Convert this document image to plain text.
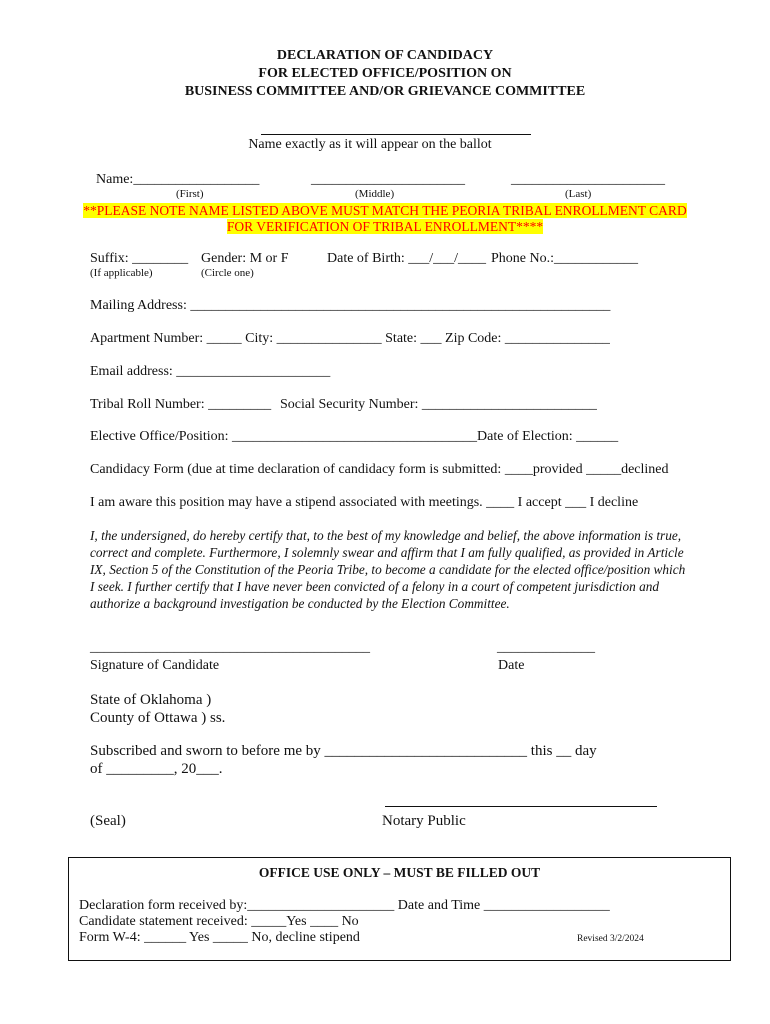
DECLARATION OF CANDIDACY
FOR ELECTED OFFICE/POSITION ON
BUSINESS COMMITTEE AND/OR GRIEVANCE COMMITTEE
Name exactly as it will appear on the ballot
Name:__________________	______________________	______________________
(First)	(Middle)	(Last)
**PLEASE NOTE NAME LISTED ABOVE MUST MATCH THE PEORIA TRIBAL ENROLLMENT CARD
FOR VERIFICATION OF TRIBAL ENROLLMENT****
Suffix: ________
(If applicable)
Gender: M or F
(Circle one)
Date of Birth: ___/___/____ Phone No.:____________
Mailing Address: ____________________________________________________________
Apartment Number: _____ City: _______________ State: ___ Zip Code: _______________
Email address: ______________________
Tribal Roll Number: _________ Social Security Number: _________________________
Elective Office/Position: ___________________________________Date of Election: ______
Candidacy Form (due at time declaration of candidacy form is submitted: ____provided _____declined
I am aware this position may have a stipend associated with meetings. ____ I accept ___ I decline
I, the undersigned, do hereby certify that, to the best of my knowledge and belief, the above information is true, correct and complete. Furthermore, I solemnly swear and affirm that I am fully qualified, as provided in Article IX, Section 5 of the Constitution of the Peoria Tribe, to become a candidate for the elected office/position which I seek. I further certify that I have never been convicted of a felony in a court of competent jurisdiction and authorize a background investigation be conducted by the Election Committee.
________________________________________	______________
Signature of Candidate	Date
State of Oklahoma )
County of Ottawa ) ss.
Subscribed and sworn to before me by ___________________________ this __ day
of _________, 20___.
(Seal)	Notary Public
OFFICE USE ONLY – MUST BE FILLED OUT
Declaration form received by:_____________________ Date and Time __________________
Candidate statement received: _____Yes ____ No
Form W-4: ______ Yes _____ No, decline stipend	Revised 3/2/2024
